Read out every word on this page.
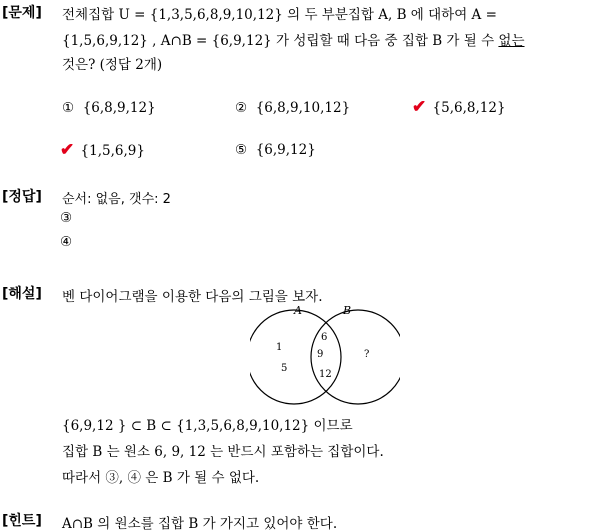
[문제] 전체집합 U = {1,3,5,6,8,9,10,12} 의 두 부분집합 A, B 에 대하여 A =
{1,5,6,9,12} , A∩B = {6,9,12} 가 성립할 때 다음 중 집합 B 가 될 수 없는
것은? (정답 2개)
① {6,8,9,12}	② {6,8,9,10,12}	✔ {5,6,8,12}
✔ {1,5,6,9}	⑤ {6,9,12}
[정답] 순서: 없음, 갯수: 2
③
④
[해설] 벤 다이어그램을 이용한 다음의 그림을 보자.
A	B
1
5
6
9
12
?
{6,9,12 } ⊂ B ⊂ {1,3,5,6,8,9,10,12} 이므로
집합 B 는 원소 6, 9, 12 는 반드시 포함하는 집합이다.
따라서 ③, ④ 은 B 가 될 수 없다.
[힌트] A∩B 의 원소를 집합 B 가 가지고 있어야 한다.
